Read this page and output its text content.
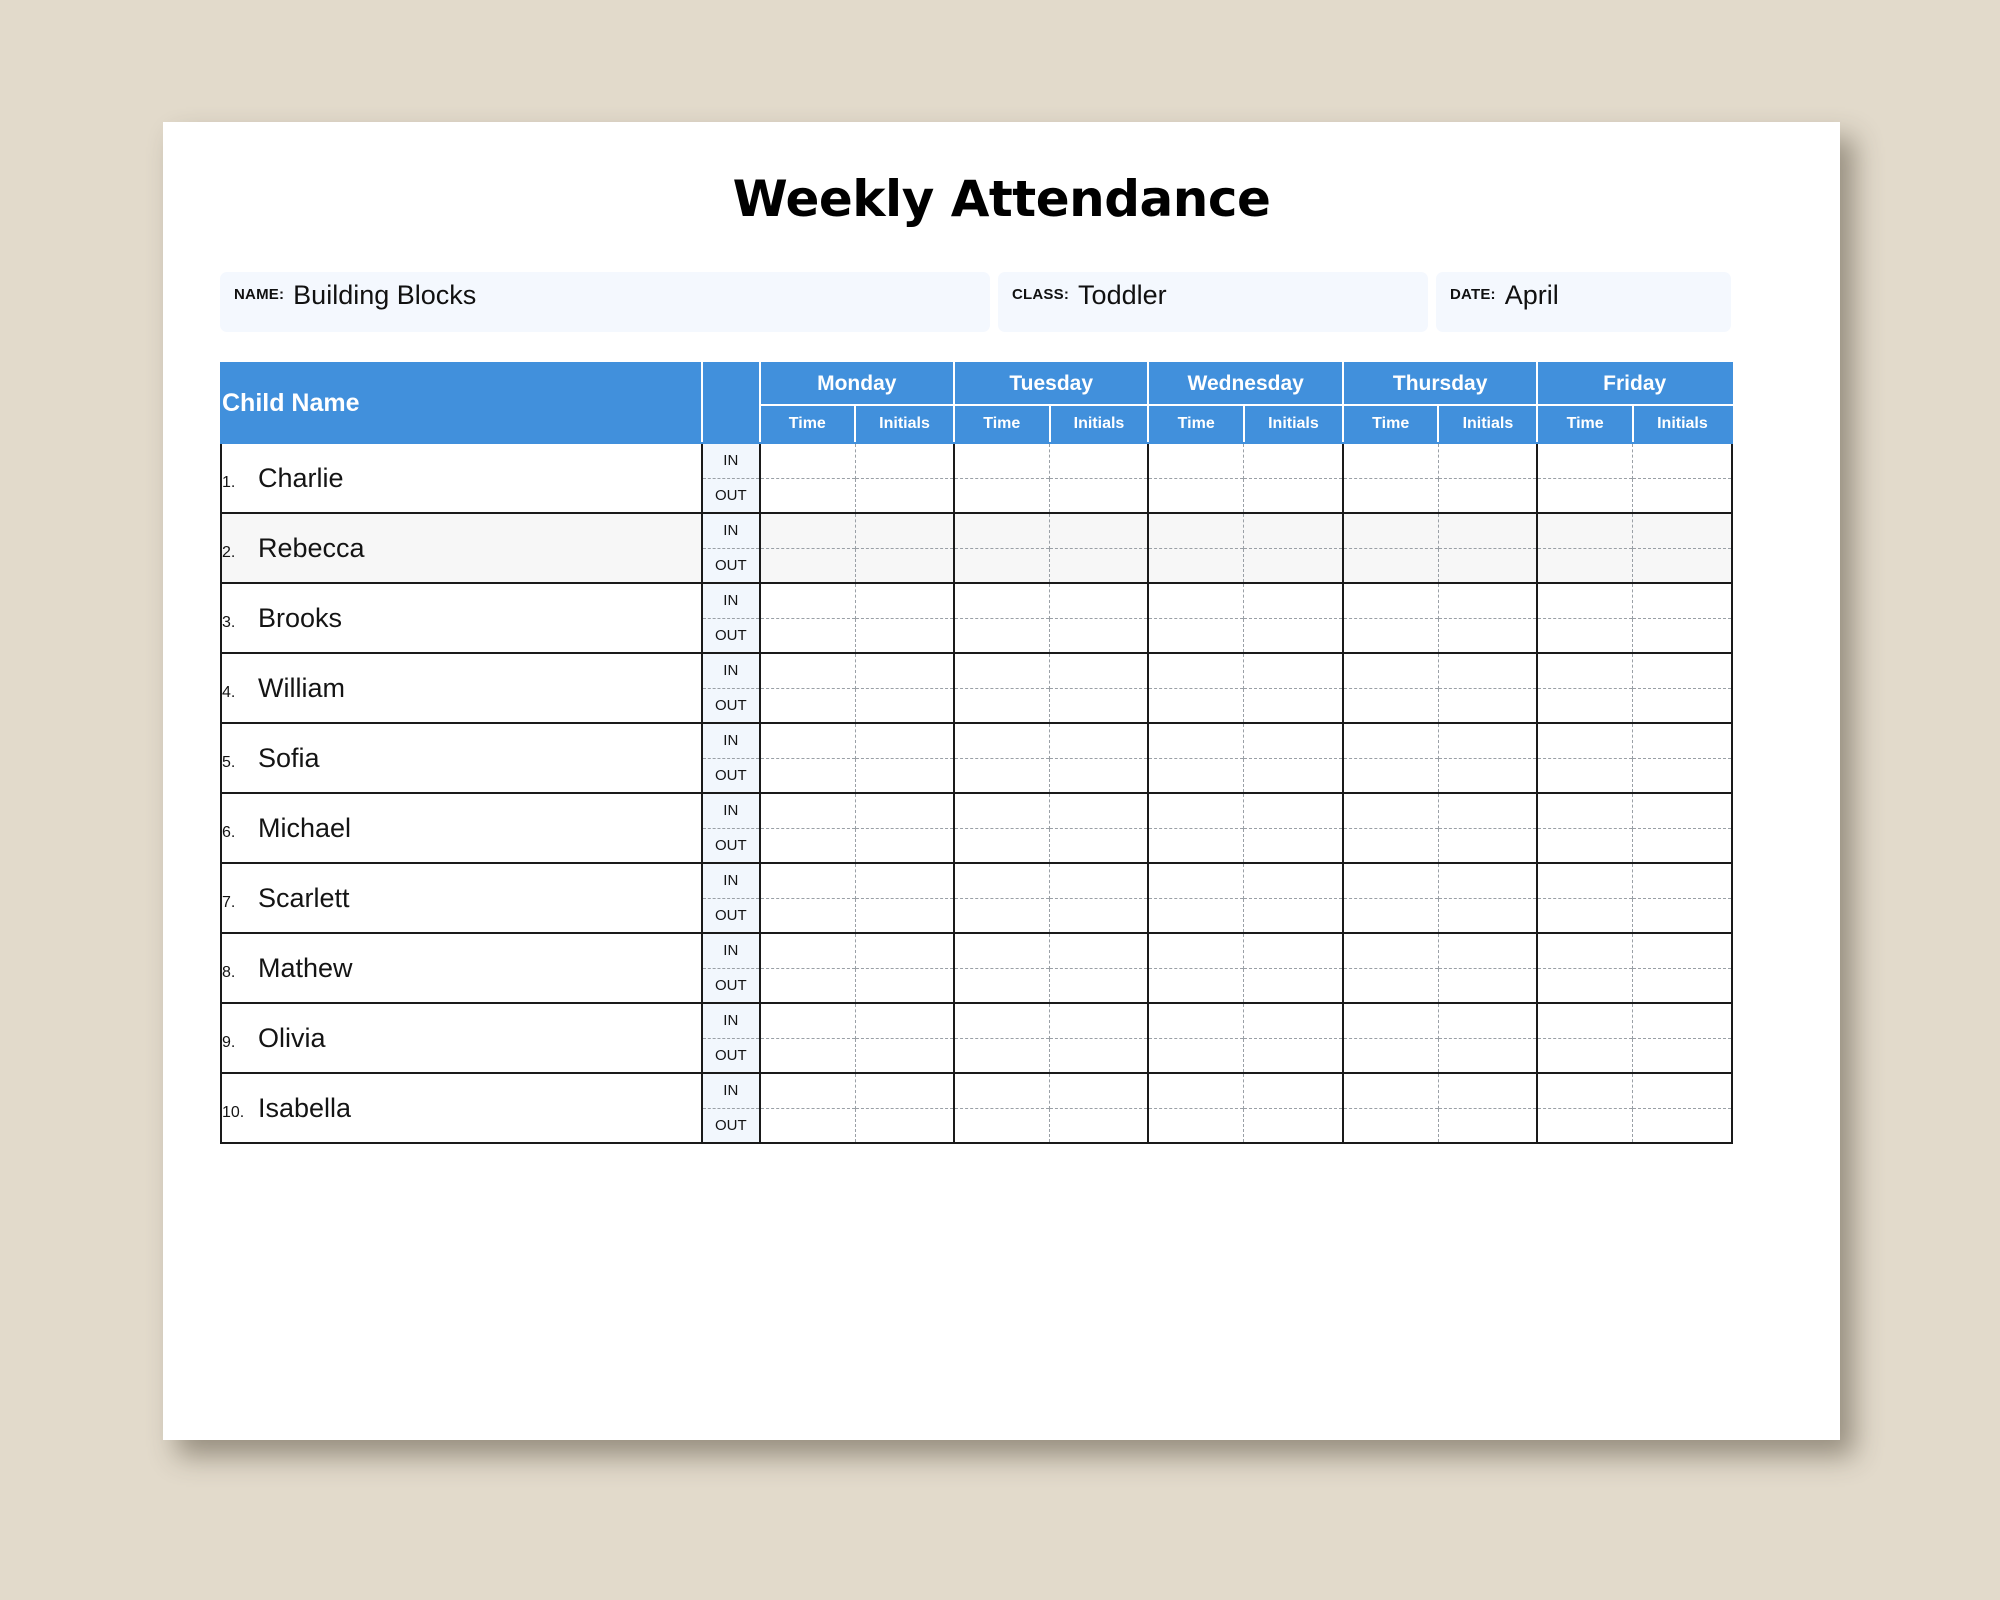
Weekly Attendance
NAME: Building Blocks	CLASS: Toddler	DATE: April
Child Name		Monday		Tuesday		Wednesday		Thursday		Friday	
		Time	Initials	Time	Initials	Time	Initials	Time	Initials	Time	Initials
1. Charlie	IN										
	OUT										
2. Rebecca	IN										
	OUT										
3. Brooks	IN										
	OUT										
4. William	IN										
	OUT										
5. Sofia	IN										
	OUT										
6. Michael	IN										
	OUT										
7. Scarlett	IN										
	OUT										
8. Mathew	IN										
	OUT										
9. Olivia	IN										
	OUT										
10. Isabella	IN										
	OUT										
